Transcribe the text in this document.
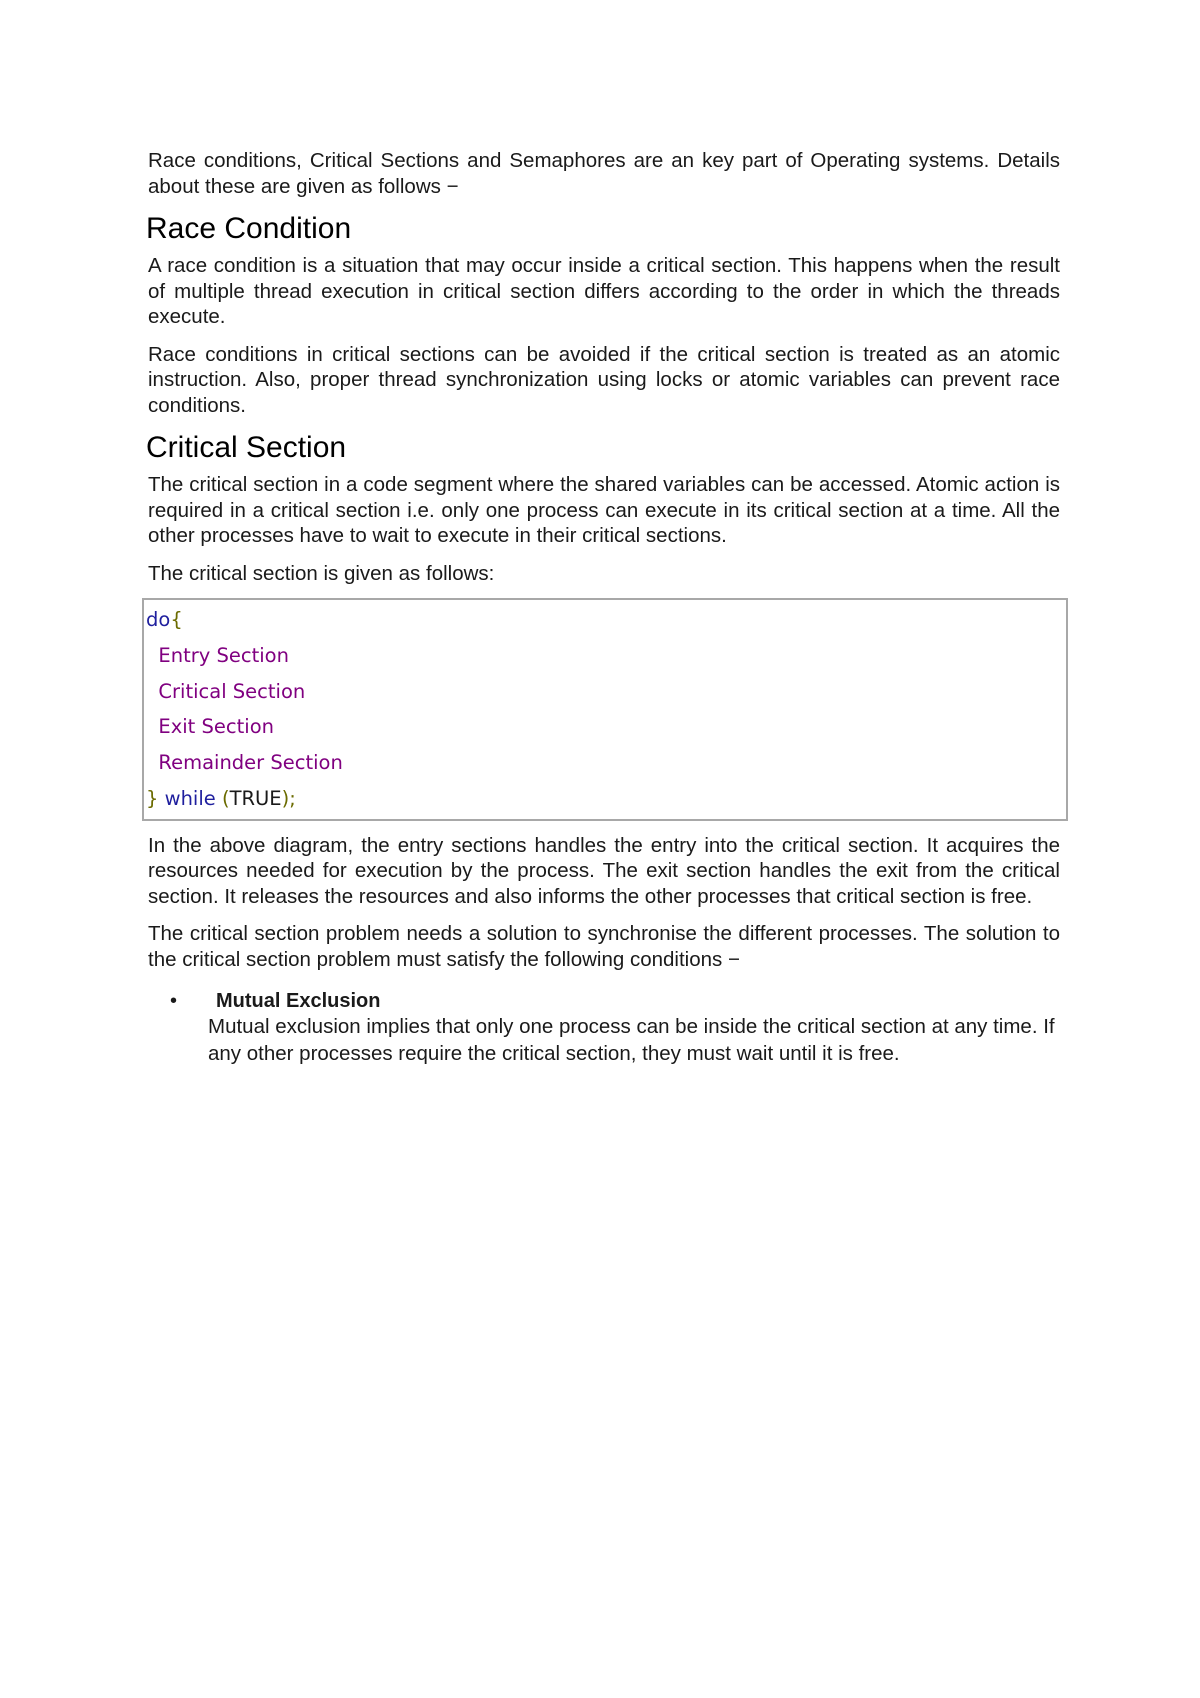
Race conditions, Critical Sections and Semaphores are an key part of Operating systems. Details about these are given as follows −

Race Condition

A race condition is a situation that may occur inside a critical section. This happens when the result of multiple thread execution in critical section differs according to the order in which the threads execute.

Race conditions in critical sections can be avoided if the critical section is treated as an atomic instruction. Also, proper thread synchronization using locks or atomic variables can prevent race conditions.

Critical Section

The critical section in a code segment where the shared variables can be accessed. Atomic action is required in a critical section i.e. only one process can execute in its critical section at a time. All the other processes have to wait to execute in their critical sections.

The critical section is given as follows:

do{
Entry Section
Critical Section
Exit Section
Remainder Section
} while (TRUE);

In the above diagram, the entry sections handles the entry into the critical section. It acquires the resources needed for execution by the process. The exit section handles the exit from the critical section. It releases the resources and also informs the other processes that critical section is free.

The critical section problem needs a solution to synchronise the different processes. The solution to the critical section problem must satisfy the following conditions −

• Mutual Exclusion

Mutual exclusion implies that only one process can be inside the critical section at any time. If any other processes require the critical section, they must wait until it is free.
